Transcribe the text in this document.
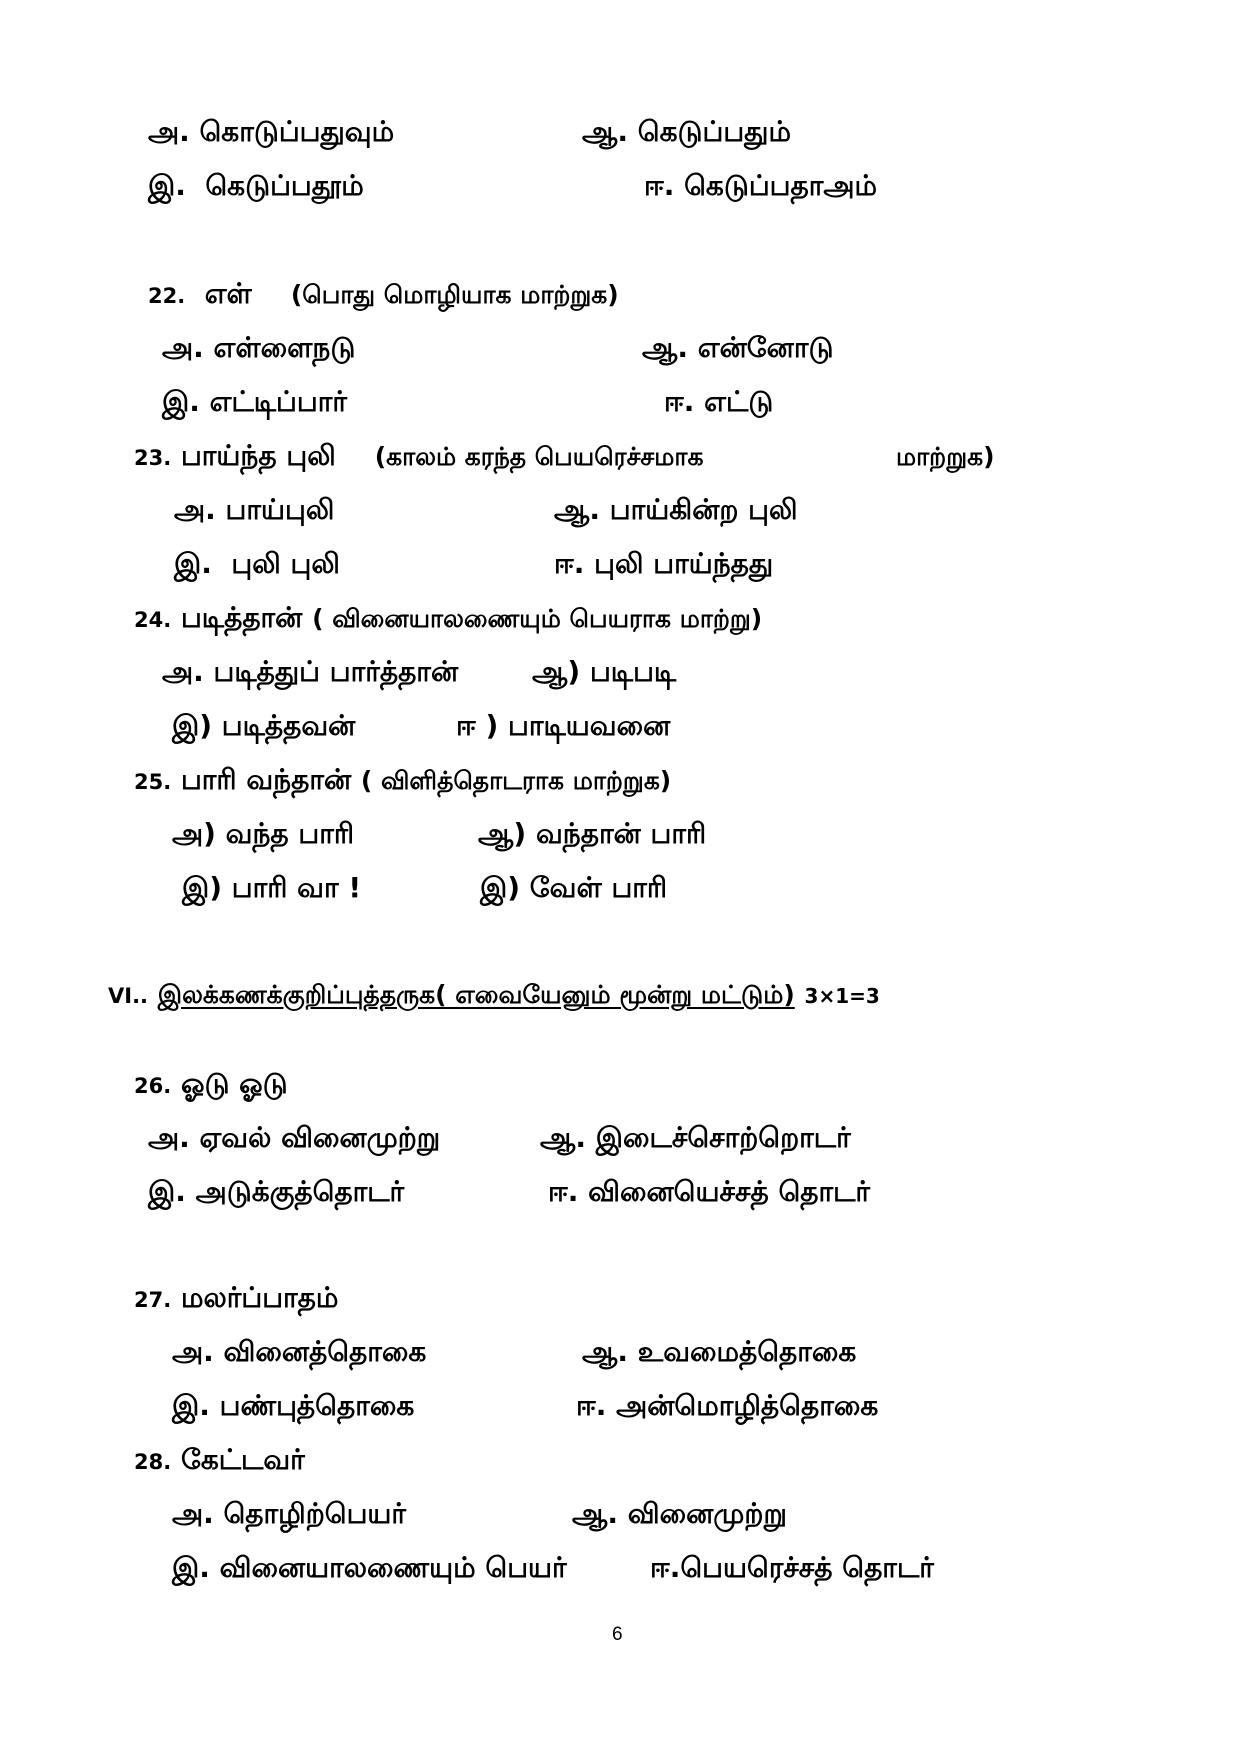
அ. கொடுப்பதுவும்	ஆ. கெடுப்பதும்
இ. கெடுப்பதூம்	ஈ. கெடுப்பதாஅம்
22. எள் (பொது மொழியாக மாற்றுக)
அ. எள்ளைநடு	ஆ. என்னோடு
இ. எட்டிப்பார்	ஈ. எட்டு
23. பாய்ந்த புலி (காலம் கரந்த பெயரெச்சமாக	மாற்றுக)
அ. பாய்புலி	ஆ. பாய்கின்ற புலி
இ. புலி புலி	ஈ. புலி பாய்ந்தது
24. படித்தான் ( வினையாலணையும் பெயராக மாற்று)
அ. படித்துப் பார்த்தான்	ஆ) படிபடி
இ) படித்தவன்	ஈ ) பாடியவனை
25. பாரி வந்தான் ( விளித்தொடராக மாற்றுக)
அ) வந்த பாரி	ஆ) வந்தான் பாரி
இ) பாரி வா !	இ) வேள் பாரி
VI.. இலக்கணக்குறிப்புத்தருக( எவையேனும் மூன்று மட்டும்) 3×1=3
26. ஓடு ஓடு
அ. ஏவல் வினைமுற்று	ஆ. இடைச்சொற்றொடர்
இ. அடுக்குத்தொடர்	ஈ. வினையெச்சத் தொடர்
27. மலர்ப்பாதம்
அ. வினைத்தொகை	ஆ. உவமைத்தொகை
இ. பண்புத்தொகை	ஈ. அன்மொழித்தொகை
28. கேட்டவர்
அ. தொழிற்பெயர்	ஆ. வினைமுற்று
இ. வினையாலணையும் பெயர்	ஈ.பெயரெச்சத் தொடர்
6
